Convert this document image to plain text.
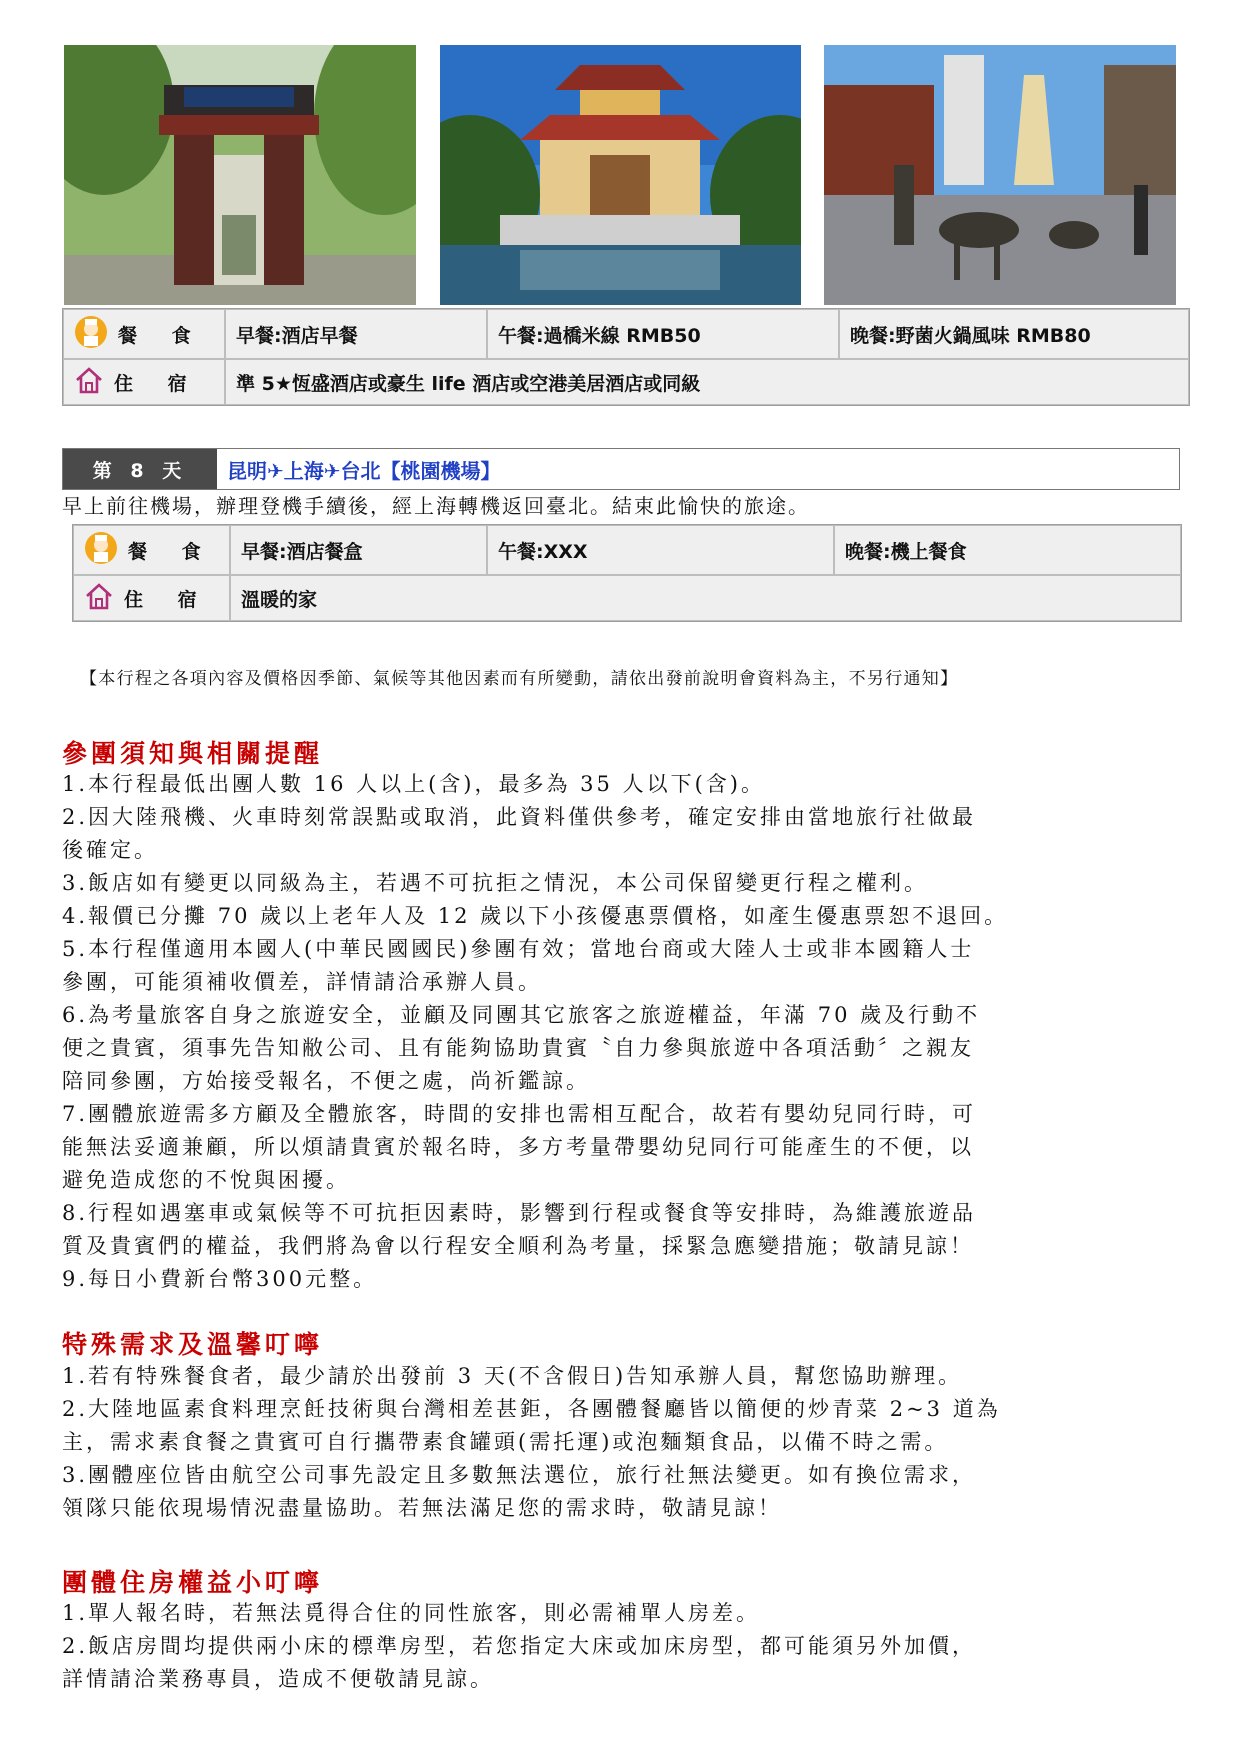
餐 食	早餐:酒店早餐	午餐:過橋米線 RMB50	晚餐:野菌火鍋風味 RMB80

住 宿	準 5★恆盛酒店或豪生 life 酒店或空港美居酒店或同級		
第 8 天	昆明✈上海✈台北【桃園機場】
早上前往機場，辦理登機手續後，經上海轉機返回臺北。結束此愉快的旅途。
餐 食	早餐:酒店餐盒	午餐:XXX	晚餐:機上餐食

住 宿	溫暖的家		
【本行程之各項內容及價格因季節、氣候等其他因素而有所變動，請依出發前說明會資料為主，不另行通知】
參團須知與相關提醒

1.本行程最低出團人數 16 人以上(含)，最多為 35 人以下(含)。

2.因大陸飛機、火車時刻常誤點或取消，此資料僅供參考，確定安排由當地旅行社做最

後確定。

3.飯店如有變更以同級為主，若遇不可抗拒之情況，本公司保留變更行程之權利。

4.報價已分攤 70 歲以上老年人及 12 歲以下小孩優惠票價格，如產生優惠票恕不退回。

5.本行程僅適用本國人(中華民國國民)參團有效；當地台商或大陸人士或非本國籍人士

參團，可能須補收價差，詳情請洽承辦人員。

6.為考量旅客自身之旅遊安全，並顧及同團其它旅客之旅遊權益，年滿 70 歲及行動不

便之貴賓，須事先告知敝公司、且有能夠協助貴賓〝自力參與旅遊中各項活動〞之親友

陪同參團，方始接受報名，不便之處，尚祈鑑諒。

7.團體旅遊需多方顧及全體旅客，時間的安排也需相互配合，故若有嬰幼兒同行時，可

能無法妥適兼顧，所以煩請貴賓於報名時，多方考量帶嬰幼兒同行可能產生的不便，以

避免造成您的不悅與困擾。

8.行程如遇塞車或氣候等不可抗拒因素時，影響到行程或餐食等安排時，為維護旅遊品

質及貴賓們的權益，我們將為會以行程安全順利為考量，採緊急應變措施；敬請見諒！

9.每日小費新台幣300元整。

特殊需求及溫馨叮嚀

1.若有特殊餐食者，最少請於出發前 3 天(不含假日)告知承辦人員，幫您協助辦理。

2.大陸地區素食料理烹飪技術與台灣相差甚鉅，各團體餐廳皆以簡便的炒青菜 2~3 道為

主，需求素食餐之貴賓可自行攜帶素食罐頭(需托運)或泡麵類食品，以備不時之需。

3.團體座位皆由航空公司事先設定且多數無法選位，旅行社無法變更。如有換位需求，

領隊只能依現場情況盡量協助。若無法滿足您的需求時，敬請見諒！

團體住房權益小叮嚀

1.單人報名時，若無法覓得合住的同性旅客，則必需補單人房差。

2.飯店房間均提供兩小床的標準房型，若您指定大床或加床房型，都可能須另外加價，

詳情請洽業務專員，造成不便敬請見諒。
